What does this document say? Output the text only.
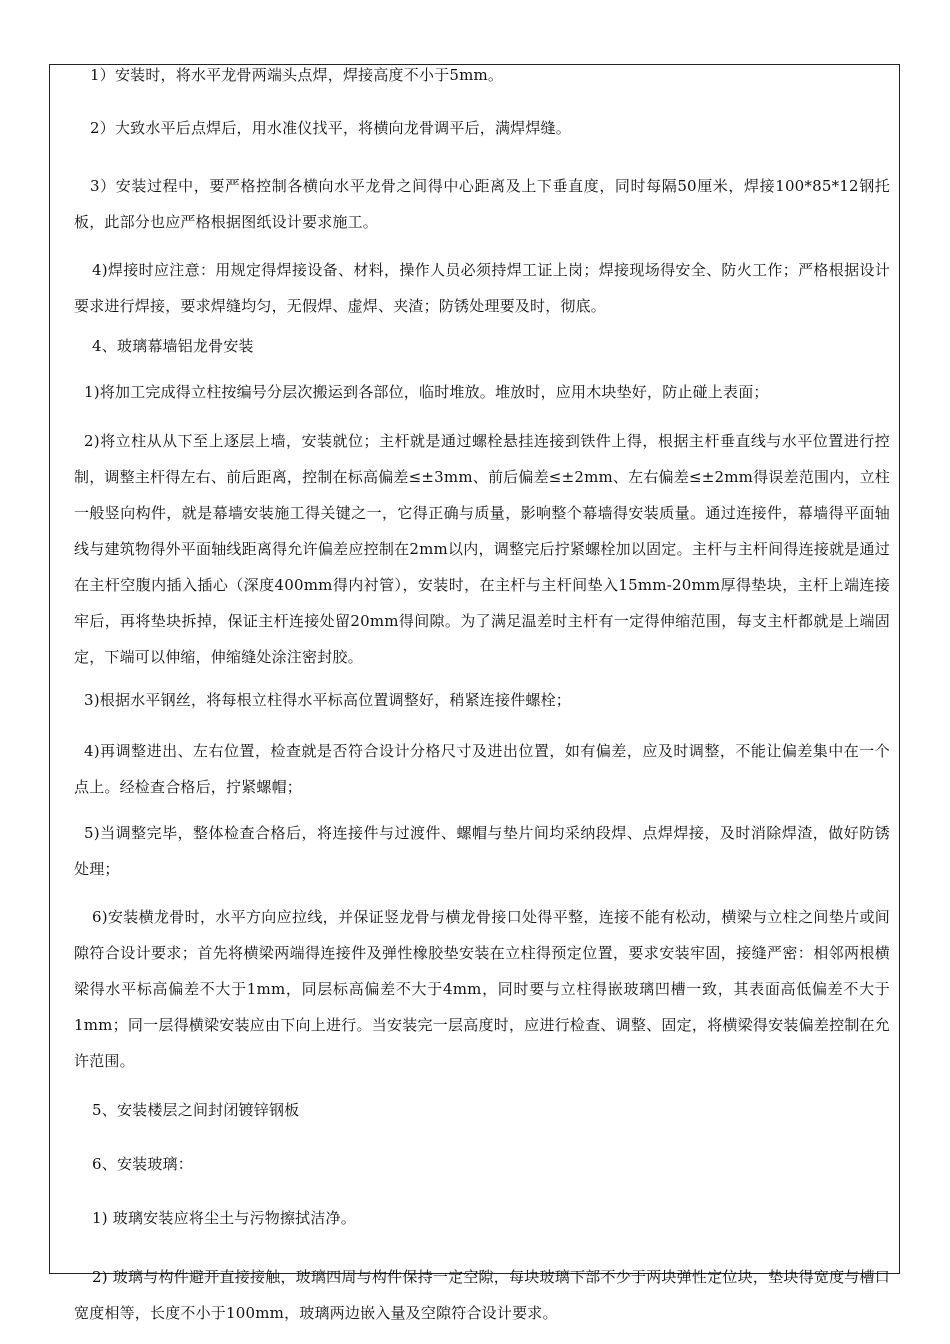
1）安装时，将水平龙骨两端头点焊，焊接高度不小于5mm。

2）大致水平后点焊后，用水准仪找平，将横向龙骨调平后，满焊焊缝。

3）安装过程中，要严格控制各横向水平龙骨之间得中心距离及上下垂直度，同时每隔50厘米，焊接100*85*12钢托板，此部分也应严格根据图纸设计要求施工。

4)焊接时应注意：用规定得焊接设备、材料，操作人员必须持焊工证上岗；焊接现场得安全、防火工作；严格根据设计要求进行焊接，要求焊缝均匀，无假焊、虚焊、夹渣；防锈处理要及时，彻底。

4、玻璃幕墙铝龙骨安装

1)将加工完成得立柱按编号分层次搬运到各部位，临时堆放。堆放时，应用木块垫好，防止碰上表面；

2)将立柱从从下至上逐层上墙，安装就位；主杆就是通过螺栓悬挂连接到铁件上得，根据主杆垂直线与水平位置进行控制，调整主杆得左右、前后距离，控制在标高偏差≤±3mm、前后偏差≤±2mm、左右偏差≤±2mm得误差范围内，立柱一般竖向构件，就是幕墙安装施工得关键之一，它得正确与质量，影响整个幕墙得安装质量。通过连接件，幕墙得平面轴线与建筑物得外平面轴线距离得允许偏差应控制在2mm以内，调整完后拧紧螺栓加以固定。主杆与主杆间得连接就是通过在主杆空腹内插入插心（深度400mm得内衬管），安装时，在主杆与主杆间垫入15mm-20mm厚得垫块，主杆上端连接牢后，再将垫块拆掉，保证主杆连接处留20mm得间隙。为了满足温差时主杆有一定得伸缩范围，每支主杆都就是上端固定，下端可以伸缩，伸缩缝处涂注密封胶。

3)根据水平钢丝，将每根立柱得水平标高位置调整好，稍紧连接件螺栓；

4)再调整进出、左右位置，检查就是否符合设计分格尺寸及进出位置，如有偏差，应及时调整，不能让偏差集中在一个点上。经检查合格后，拧紧螺帽；

5)当调整完毕，整体检查合格后，将连接件与过渡件、螺帽与垫片间均采纳段焊、点焊焊接，及时消除焊渣，做好防锈处理；

6)安装横龙骨时，水平方向应拉线，并保证竖龙骨与横龙骨接口处得平整，连接不能有松动，横梁与立柱之间垫片或间隙符合设计要求；首先将横梁两端得连接件及弹性橡胶垫安装在立柱得预定位置，要求安装牢固，接缝严密：相邻两根横梁得水平标高偏差不大于1mm，同层标高偏差不大于4mm，同时要与立柱得嵌玻璃凹槽一致，其表面高低偏差不大于1mm；同一层得横梁安装应由下向上进行。当安装完一层高度时，应进行检查、调整、固定，将横梁得安装偏差控制在允许范围。

5、安装楼层之间封闭镀锌钢板

6、安装玻璃：

1) 玻璃安装应将尘土与污物擦拭洁净。

2) 玻璃与构件避开直接接触，玻璃四周与构件保持一定空隙，每块玻璃下部不少于两块弹性定位块，垫块得宽度与槽口宽度相等，长度不小于100mm，玻璃两边嵌入量及空隙符合设计要求。
